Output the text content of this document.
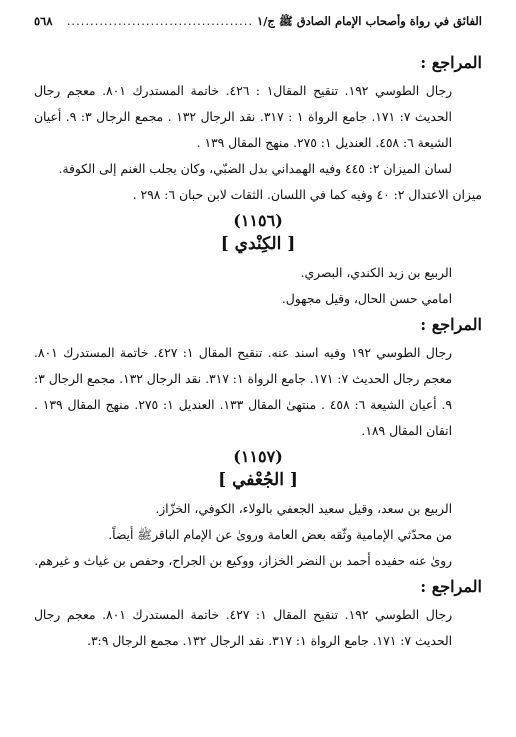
الفائق في رواة وأصحاب الإمام الصادق ﷺ ج/١
........................................
٥٦٨
المراجع :
رجال الطوسي ١٩٢. تنقيح المقال١ : ٤٢٦. خاتمة المستدرك ٨٠١. معجم رجال الحديث ٧: ١٧١. جامع الرواة ١ : ٣١٧. نقد الرجال ١٣٢ . مجمع الرجال ٣: ٩. أعيان الشيعة ٦: ٤٥٨. العنديل ١: ٢٧٥. منهج المقال ١٣٩ .
لسان الميزان ٢: ٤٤٥ وفيه الهمداني بدل الضبّي، وكان يجلب الغنم إلى الكوفة.
ميزان الاعتدال ٢: ٤٠ وفيه كما في اللسان. الثقات لابن حبان ٦: ٢٩٨ .
(١١٥٦)
[ الكِنْدي ]
الربيع بن زيد الكندي، البصري.
امامي حسن الحال، وقيل مجهول.
المراجع :
رجال الطوسي ١٩٢ وفيه اسند عنه. تنقيح المقال ١: ٤٢٧. خاتمة المستدرك ٨٠١. معجم رجال الحديث ٧: ١٧١. جامع الرواة ١: ٣١٧. نقد الرجال ١٣٢. مجمع الرجال ٣: ٩. أعيان الشيعة ٦: ٤٥٨ . منتهىٰ المقال ١٣٣. العنديل ١: ٢٧٥. منهج المقال ١٣٩ . اتقان المقال ١٨٩.
(١١٥٧)
[ الجُعْفي ]
الربيع بن سعد، وقيل سعيد الجعفي بالولاء، الكوفي، الخزّاز.
من محدّثي الإمامية وثّقه بعض العامة وروىٰ عن الإمام الباقرﷺ أيضاً.
روىٰ عنه حفيده أحمد بن النضر الخزاز، ووكيع بن الجراح، وحفص بن غياث و غيرهم.
المراجع :
رجال الطوسي ١٩٢. تنقيح المقال ١: ٤٢٧. خاتمة المستدرك ٨٠١. معجم رجال الحديث ٧: ١٧١. جامع الرواة ١: ٣١٧. نقد الرجال ١٣٢. مجمع الرجال ٣:٩.
